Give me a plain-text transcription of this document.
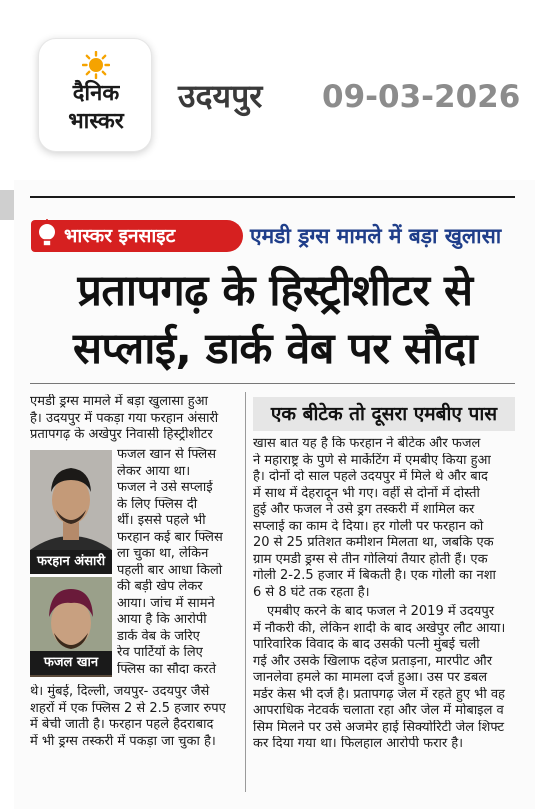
दैनिक
भास्कर
उदयपुर 09-03-2026
भास्कर इनसाइट	एमडी ड्रग्स मामले में बड़ा खुलासा
प्रतापगढ़ के हिस्ट्रीशीटर से
सप्लाई, डार्क वेब पर सौदा
एमडी ड्रग्स मामले में बड़ा खुलासा हुआ
है। उदयपुर में पकड़ा गया फरहान अंसारी
प्रतापगढ़ के अखेपुर निवासी हिस्ट्रीशीटर
फरहान अंसारी
फजल खान
फजल खान से फ्लिस
लेकर आया था।
फजल ने उसे सप्लाई
के लिए फ्लिस दी
थीं। इससे पहले भी
फरहान कई बार फ्लिस
ला चुका था, लेकिन
पहली बार आधा किलो
की बड़ी खेप लेकर
आया। जांच में सामने
आया है कि आरोपी
डार्क वेब के जरिए
रेव पार्टियों के लिए
फ्लिस का सौदा करते
थे। मुंबई, दिल्ली, जयपुर- उदयपुर जैसे
शहरों में एक फ्लिस 2 से 2.5 हजार रुपए
में बेची जाती है। फरहान पहले हैदराबाद
में भी ड्रग्स तस्करी में पकड़ा जा चुका है।
एक बीटेक तो दूसरा एमबीए पास
खास बात यह है कि फरहान ने बीटेक और फजल
ने महाराष्ट्र के पुणे से मार्केटिंग में एमबीए किया हुआ
है। दोनों दो साल पहले उदयपुर में मिले थे और बाद
में साथ में देहरादून भी गए। वहीं से दोनों में दोस्ती
हुई और फजल ने उसे ड्रग तस्करी में शामिल कर
सप्लाई का काम दे दिया। हर गोली पर फरहान को
20 से 25 प्रतिशत कमीशन मिलता था, जबकि एक
ग्राम एमडी ड्रग्स से तीन गोलियां तैयार होती हैं। एक
गोली 2-2.5 हजार में बिकती है। एक गोली का नशा
6 से 8 घंटे तक रहता है।
एमबीए करने के बाद फजल ने 2019 में उदयपुर
में नौकरी की, लेकिन शादी के बाद अखेपुर लौट आया।
पारिवारिक विवाद के बाद उसकी पत्नी मुंबई चली
गई और उसके खिलाफ दहेज प्रताड़ना, मारपीट और
जानलेवा हमले का मामला दर्ज हुआ। उस पर डबल
मर्डर केस भी दर्ज है। प्रतापगढ़ जेल में रहते हुए भी वह
आपराधिक नेटवर्क चलाता रहा और जेल में मोबाइल व
सिम मिलने पर उसे अजमेर हाई सिक्योरिटी जेल शिफ्ट
कर दिया गया था। फिलहाल आरोपी फरार है।
